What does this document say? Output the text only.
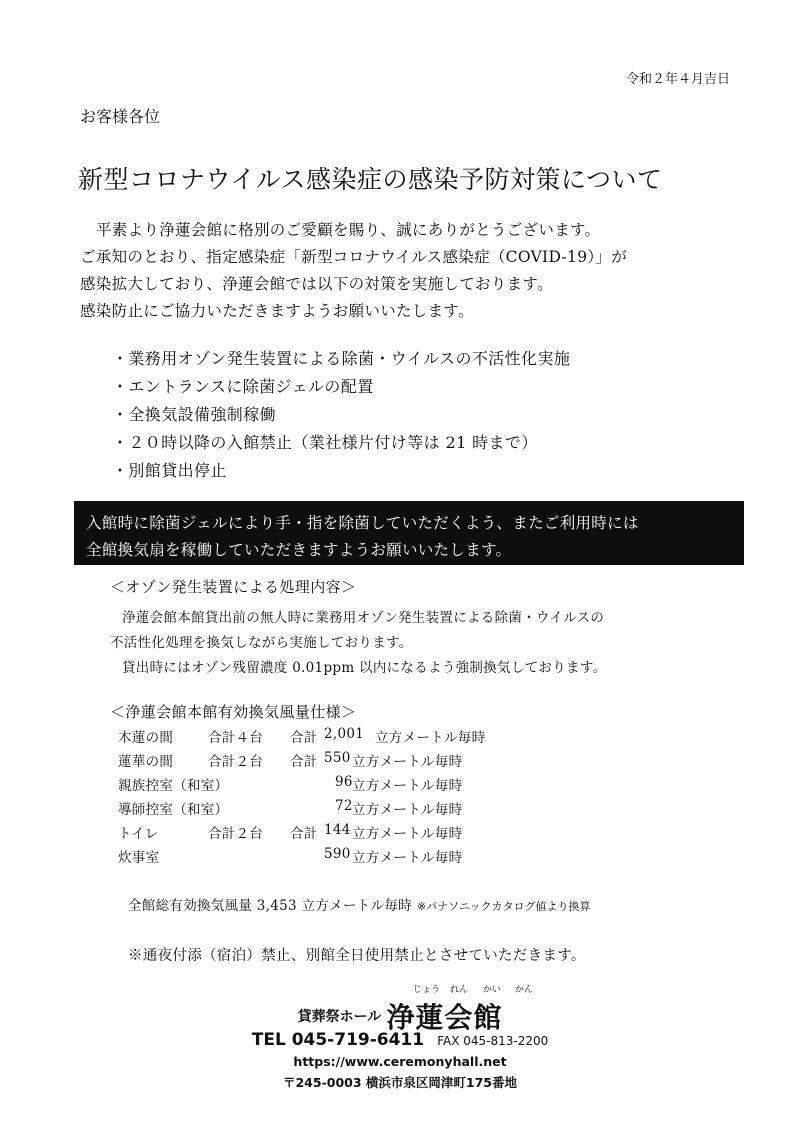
令和２年４月吉日
お客様各位
新型コロナウイルス感染症の感染予防対策について
平素より浄蓮会館に格別のご愛顧を賜り、誠にありがとうございます。
ご承知のとおり、指定感染症「新型コロナウイルス感染症（COVID-19）」が
感染拡大しており、浄蓮会館では以下の対策を実施しております。
感染防止にご協力いただきますようお願いいたします。
・業務用オゾン発生装置による除菌・ウイルスの不活性化実施
・エントランスに除菌ジェルの配置
・全換気設備強制稼働
・２０時以降の入館禁止（業社様片付け等は 21 時まで）
・別館貸出停止
入館時に除菌ジェルにより手・指を除菌していただくよう、またご利用時には
全館換気扇を稼働していただきますようお願いいたします。
＜オゾン発生装置による処理内容＞
浄蓮会館本館貸出前の無人時に業務用オゾン発生装置による除菌・ウイルスの
不活性化処理を換気しながら実施しております。
貸出時にはオゾン残留濃度 0.01ppm 以内になるよう強制換気しております。
＜浄蓮会館本館有効換気風量仕様＞
木蓮の間	合計４台 合計 2,001 立方メートル毎時
蓮華の間	合計２台 合計 550 立方メートル毎時
親族控室（和室）	96 立方メートル毎時
導師控室（和室）	72 立方メートル毎時
トイレ	合計２台 合計 144 立方メートル毎時
炊事室	590 立方メートル毎時
全館総有効換気風量 3,453 立方メートル毎時 ※パナソニックカタログ値より換算
※通夜付添（宿泊）禁止、別館全日使用禁止とさせていただきます。
じょう れん かい かん
貸葬祭ホール 浄蓮会館
TEL 045-719-6411 FAX 045-813-2200
https://www.ceremonyhall.net
〒245-0003 横浜市泉区岡津町175番地
